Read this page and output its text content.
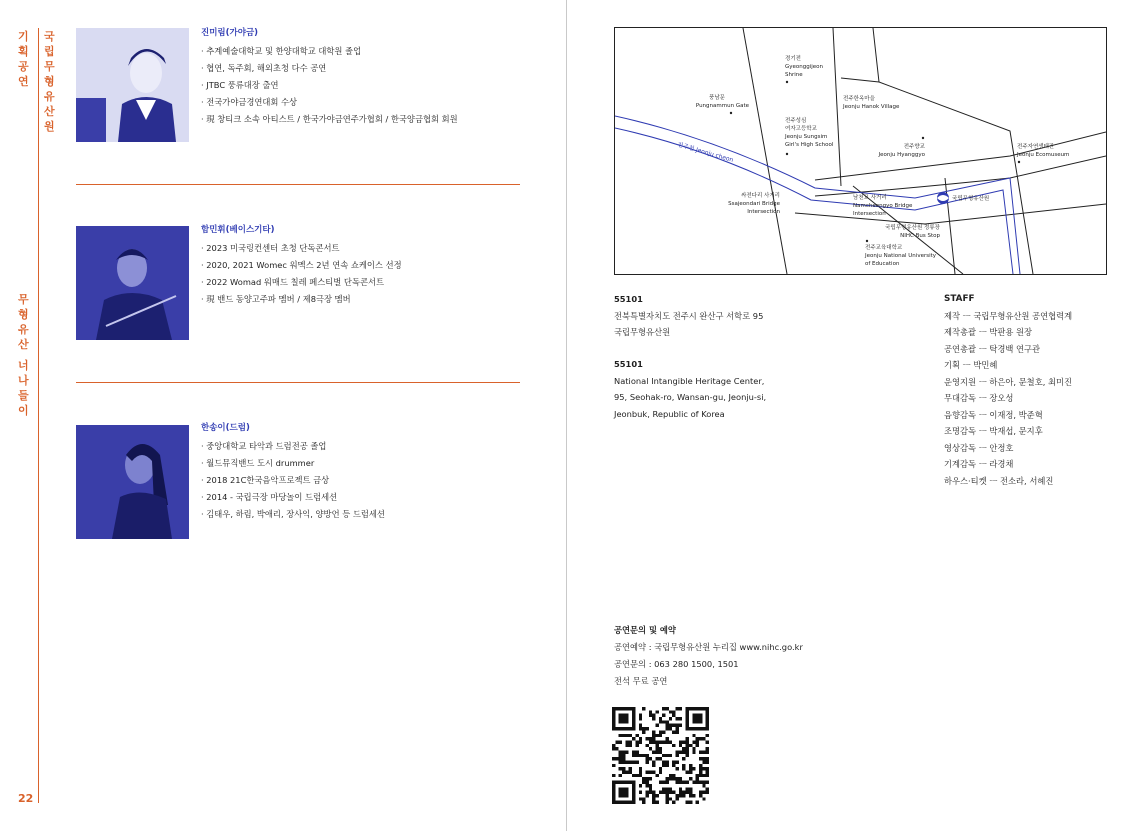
기
획
공
연
국
립
무
형
유
산
원
무
형
유
산
너
나
들
이
22
진미림(가야금)
· 추계예술대학교 및 한양대학교 대학원 졸업
· 협연, 독주회, 해외초청 다수 공연
· JTBC 풍류대장 출연
· 전국가야금경연대회 수상
· 現 창티크 소속 아티스트 / 한국가야금연주가협회 / 한국양금협회 회원
함민휘(베이스기타)
· 2023 미국링컨센터 초청 단독콘서트
· 2020, 2021 Womec 워멕스 2년 연속 쇼케이스 선정
· 2022 Womad 워매드 칠레 페스티벌 단독콘서트
· 現 밴드 동양고주파 멤버 / 제8극장 멤버
한송이(드럼)
· 중앙대학교 타악과 드럼전공 졸업
· 월드뮤직밴드 도시 drummer
· 2018 21C한국음악프로젝트 금상
· 2014 - 국립극장 마당놀이 드럼세션
· 김태우, 하림, 박애리, 장사익, 양방언 등 드럼세션
전주천 Jeonju cheon
경기전
Gyeonggijeon
Shrine
풍남문
Pungnammun Gate
전주한옥마을
Jeonju Hanok Village
전주성심
여자고등학교
Jeonju Sungsim
Girl's High School	전주향교
Jeonju Hyanggyo
전주자연생태관
Jeonju Ecomuseum
싸전다리 사거리
Ssajeondari Bridge
Intersection
남천교 사거리
Namcheongyo Bridge
Intersection
국립무형유산원 정류장
NIHC Bus Stop
전주교육대학교
Jeonju National University
of Education
국립무형유산원
55101
전북특별자치도 전주시 완산구 서학로 95
국립무형유산원
55101
National Intangible Heritage Center,
95, Seohak-ro, Wansan-gu, Jeonju-si,
Jeonbuk, Republic of Korea
STAFF
제작 ㅡ 국립무형유산원 공연협력계
제작총괄 ㅡ 박판용 원장
공연총괄 ㅡ 탁경백 연구관
기획 ㅡ 박민혜
운영지원 ㅡ 하은아, 문철호, 최미진
무대감독 ㅡ 장오성
음향감독 ㅡ 이재정, 박준혁
조명감독 ㅡ 박재섭, 문지후
영상감독 ㅡ 안정호
기계감독 ㅡ 라경채
하우스·티켓 ㅡ 전소라, 서혜진
공연문의 및 예약
공연예약 : 국립무형유산원 누리집 www.nihc.go.kr
공연문의 : 063 280 1500, 1501
전석 무료 공연
